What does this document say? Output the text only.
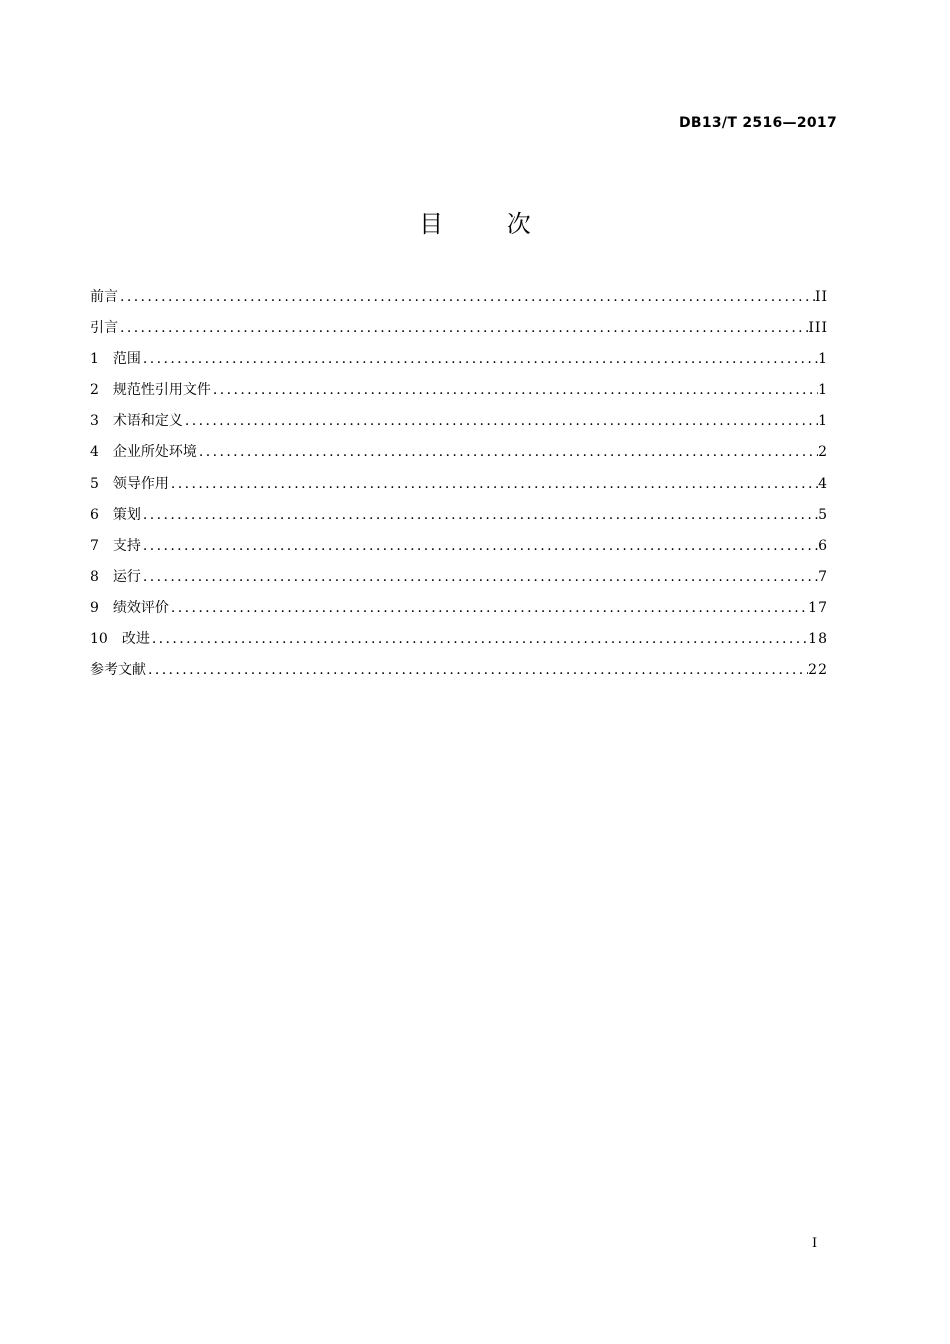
DB13/T 2516—2017
目 次
前言 .....	II
引言 .....	III
1	范围 .....	1
2	规范性引用文件 .....	1
3	术语和定义 .....	1
4	企业所处环境 .....	2
5	领导作用 .....	4
6	策划 .....	5
7	支持 .....	6
8	运行 .....	7
9	绩效评价 .....	17
10	改进 .....	18
参考文献 .....	22
I
